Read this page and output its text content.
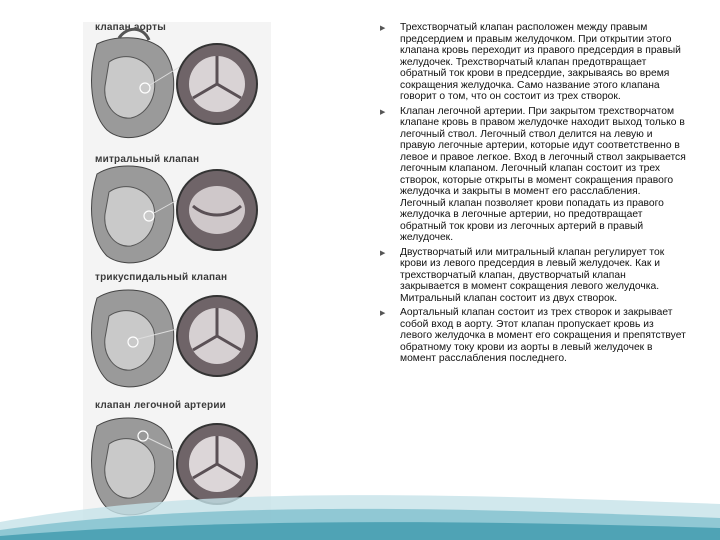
клапан аорты
митральный клапан
трикуспидальный клапан
клапан легочной артерии
▶ Трехстворчатый клапан расположен между правым предсердием и правым желудочком. При открытии этого клапана кровь переходит из правого предсердия в правый желудочек. Трехстворчатый клапан предотвращает обратный ток крови в предсердие, закрываясь во время сокращения желудочка. Само название этого клапана говорит о том, что он состоит из трех створок.
▶ Клапан легочной артерии. При закрытом трехстворчатом клапане кровь в правом желудочке находит выход только в легочный ствол. Легочный ствол делится на левую и правую легочные артерии, которые идут соответственно в левое и правое легкое. Вход в легочный ствол закрывается легочным клапаном. Легочный клапан состоит из трех створок, которые открыты в момент сокращения правого желудочка и закрыты в момент его расслабления. Легочный клапан позволяет крови попадать из правого желудочка в легочные артерии, но предотвращает обратный ток крови из легочных артерий в правый желудочек.
▶ Двустворчатый или митральный клапан регулирует ток крови из левого предсердия в левый желудочек. Как и трехстворчатый клапан, двустворчатый клапан закрывается в момент сокращения левого желудочка. Митральный клапан состоит из двух створок.
▶ Аортальный клапан состоит из трех створок и закрывает собой вход в аорту. Этот клапан пропускает кровь из левого желудочка в момент его сокращения и препятствует обратному току крови из аорты в левый желудочек в момент расслабления последнего.
